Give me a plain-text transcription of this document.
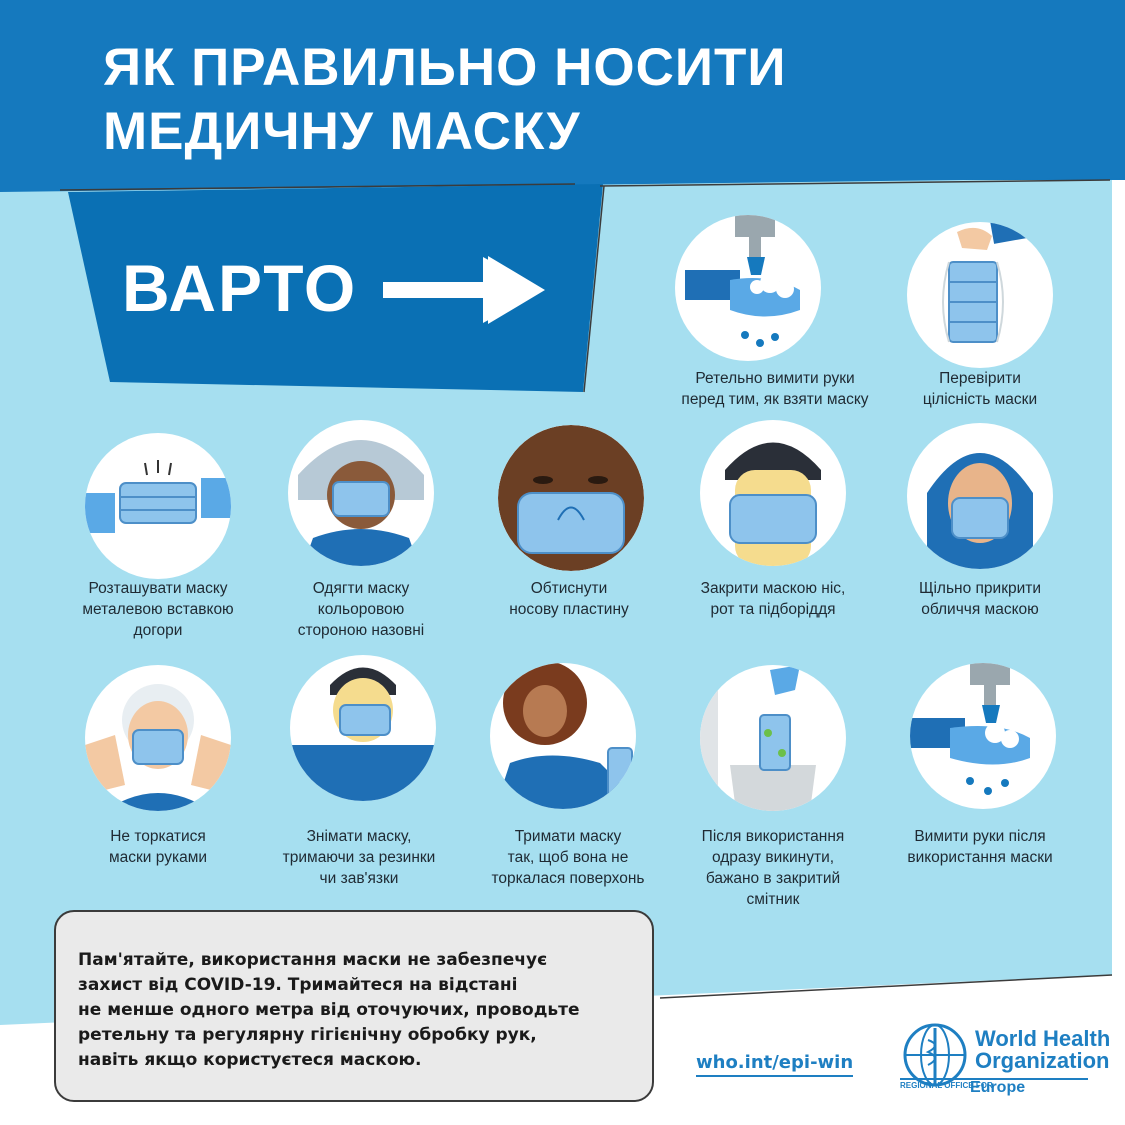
ЯК ПРАВИЛЬНО НОСИТИ
МЕДИЧНУ МАСКУ
ВАРТО
Ретельно вимити руки
перед тим, як взяти маску
Перевірити
цілісність маски
Розташувати маску
металевою вставкою
догори
Одягти маску
кольоровою
стороною назовні
Обтиснути
носову пластину
Закрити маскою ніс,
рот та підборіддя
Щільно прикрити
обличчя маскою
Не торкатися
маски руками
Знімати маску,
тримаючи за резинки
чи зав'язки
Тримати маску
так, щоб вона не
торкалася поверхонь
Після використання
одразу викинути,
бажано в закритий
смітник
Вимити руки після
використання маски
Пам'ятайте, використання маски не забезпечує
захист від COVID-19. Тримайтеся на відстані
не менше одного метра від оточуючих, проводьте
ретельну та регулярну гігієнічну обробку рук,
навіть якщо користуєтеся маскою.	who.int/epi-win
World Health
Organization
REGIONAL OFFICE FOR
Europe
